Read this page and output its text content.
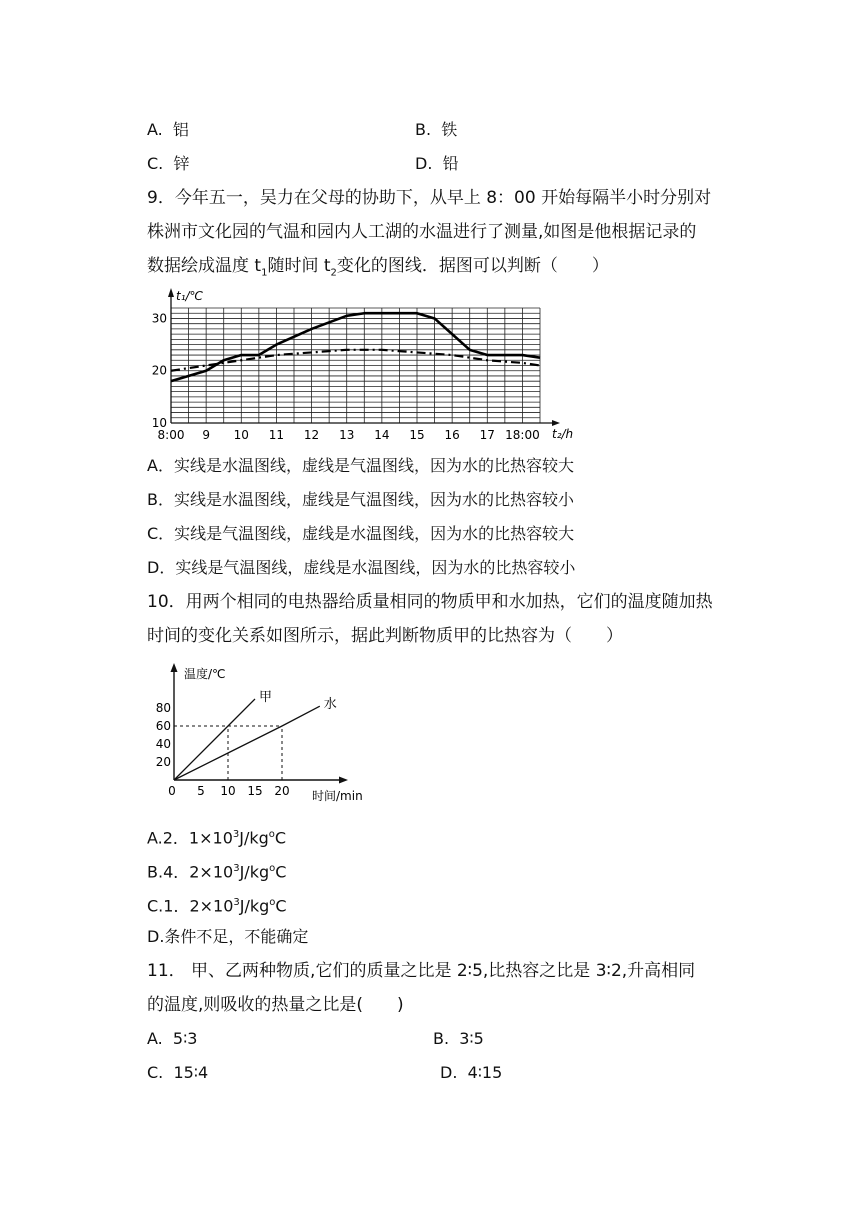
A. 铝	B. 铁
C. 锌	D. 铅
9．今年五一，吴力在父母的协助下，从早上 8：00 开始每隔半小时分别对
株洲市文化园的气温和园内人工湖的水温进行了测量,如图是他根据记录的
数据绘成温度 $t_1$随时间 $t_2$变化的图线．据图可以判断（　　）
8:00 9 10 11 12 13 14 15 16 17 18:00
10
20
30
t₁/℃
t₂/h
A．实线是水温图线，虚线是气温图线，因为水的比热容较大
B．实线是水温图线，虚线是气温图线，因为水的比热容较小
C．实线是气温图线，虚线是水温图线，因为水的比热容较大
D．实线是气温图线，虚线是水温图线，因为水的比热容较小
10．用两个相同的电热器给质量相同的物质甲和水加热，它们的温度随加热
时间的变化关系如图所示，据此判断物质甲的比热容为（　　）
0 5 10 15 20
20
40
60
80
甲	水
温度/℃
时间/min
A.2．$1\times 10^3J/kg^oC$
B.4．$2\times 10^3J/kg^oC$
C.1．$2\times 10^3J/kg^oC$
D.条件不足，不能确定
11． 甲、乙两种物质,它们的质量之比是 2∶5,比热容之比是 3∶2,升高相同
的温度,则吸收的热量之比是(　　)
A. 5∶3	B. 3∶5
C. 15∶4	D. 4∶15
